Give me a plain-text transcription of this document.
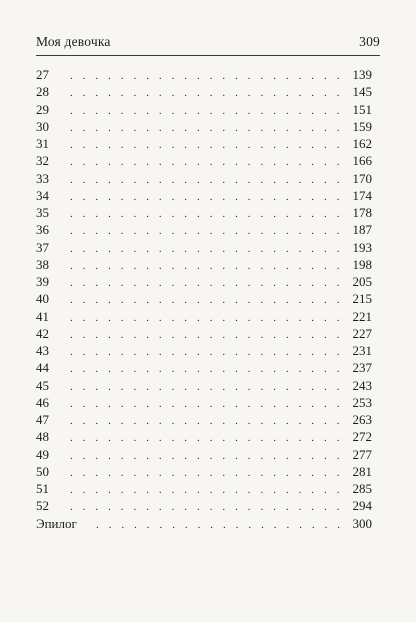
Моя девочка	309
27 . . .	139
28 . . .	145
29 . . .	151
30 . . .	159
31 . . .	162
32 . . .	166
33 . . .	170
34 . . .	174
35 . . .	178
36 . . .	187
37 . . .	193
38 . . .	198
39 . . .	205
40 . . .	215
41 . . .	221
42 . . .	227
43 . . .	231
44 . . .	237
45 . . .	243
46 . . .	253
47 . . .	263
48 . . .	272
49 . . .	277
50 . . .	281
51 . . .	285
52 . . .	294
Эпилог . . .	300
